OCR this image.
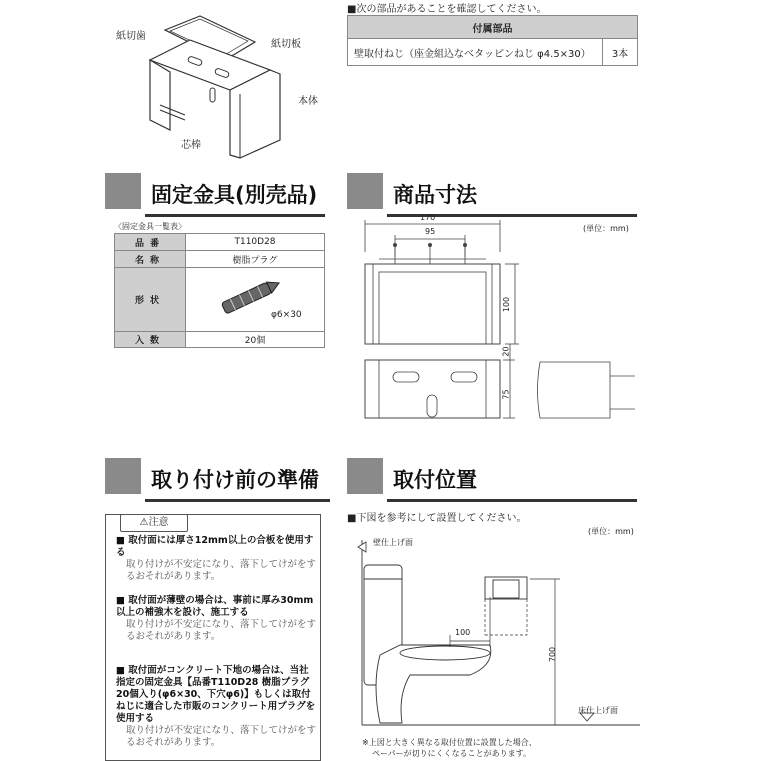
紙切歯
紙切板
本体
芯棒
■次の部品があることを確認してください。
付属部品
壁取付ねじ（座金組込なべタッピンねじ φ4.5×30）	3本
固定金具(別売品)
〈固定金具一覧表〉
品番	T110D28
名称	樹脂プラグ
形状	φ6×30

入数	20個
商品寸法
(単位：mm)
170
95
100
20
75
取り付け前の準備
⚠注意
■ 取付面には厚さ12mm以上の合板を使用する
取り付けが不安定になり、落下してけがをするおそれがあります。
■ 取付面が薄壁の場合は、事前に厚み30mm以上の補強木を設け、施工する
取り付けが不安定になり、落下してけがをするおそれがあります。
■ 取付面がコンクリート下地の場合は、当社指定の固定金具【品番T110D28 樹脂プラグ20個入り(φ6×30、下穴φ6)】もしくは取付ねじに適合した市販のコンクリート用プラグを使用する
取り付けが不安定になり、落下してけがをするおそれがあります。
取付位置
■下図を参考にして設置してください。
(単位：mm)
壁仕上げ面
床仕上げ面
100
700
※上図と大きく異なる取付位置に設置した場合、
ペーパーが切りにくくなることがあります。
